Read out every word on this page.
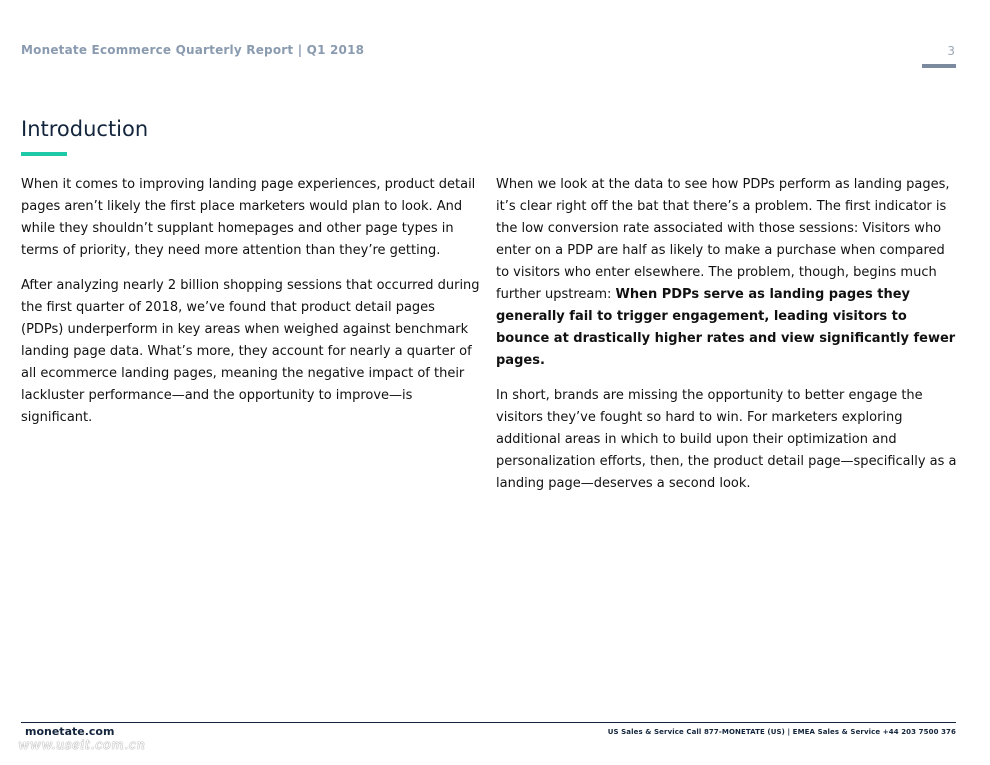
Monetate Ecommerce Quarterly Report | Q1 2018	3
Introduction

When it comes to improving landing page experiences, product detail pages aren’t likely the first place marketers would plan to look. And while they shouldn’t supplant homepages and other page types in terms of priority, they need more attention than they’re getting.

After analyzing nearly 2 billion shopping sessions that occurred during the first quarter of 2018, we’ve found that product detail pages (PDPs) underperform in key areas when weighed against benchmark landing page data. What’s more, they account for nearly a quarter of all ecommerce landing pages, meaning the negative impact of their lackluster performance—and the opportunity to improve—is significant.

When we look at the data to see how PDPs perform as landing pages, it’s clear right off the bat that there’s a problem. The first indicator is the low conversion rate associated with those sessions: Visitors who enter on a PDP are half as likely to make a purchase when compared to visitors who enter elsewhere. The problem, though, begins much further upstream: When PDPs serve as landing pages they generally fail to trigger engagement, leading visitors to bounce at drastically higher rates and view significantly fewer pages.

In short, brands are missing the opportunity to better engage the visitors they’ve fought so hard to win. For marketers exploring additional areas in which to build upon their optimization and personalization efforts, then, the product detail page—specifically as a landing page—deserves a second look.

monetate.com	US Sales & Service Call 877-MONETATE (US) | EMEA Sales & Service +44 203 7500 376
www.useit.com.cn
